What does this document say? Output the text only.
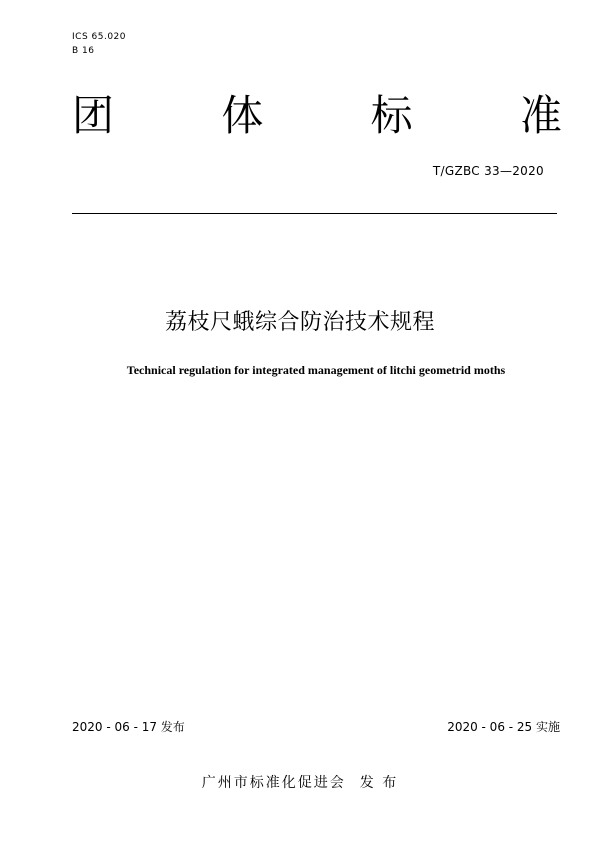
ICS 65.020
B 16
团	体	标	准
T/GZBC 33—2020
荔枝尺蛾综合防治技术规程
Technical regulation for integrated management of litchi geometrid moths
2020 - 06 - 17 发布	2020 - 06 - 25 实施
广州市标准化促进会 发 布
